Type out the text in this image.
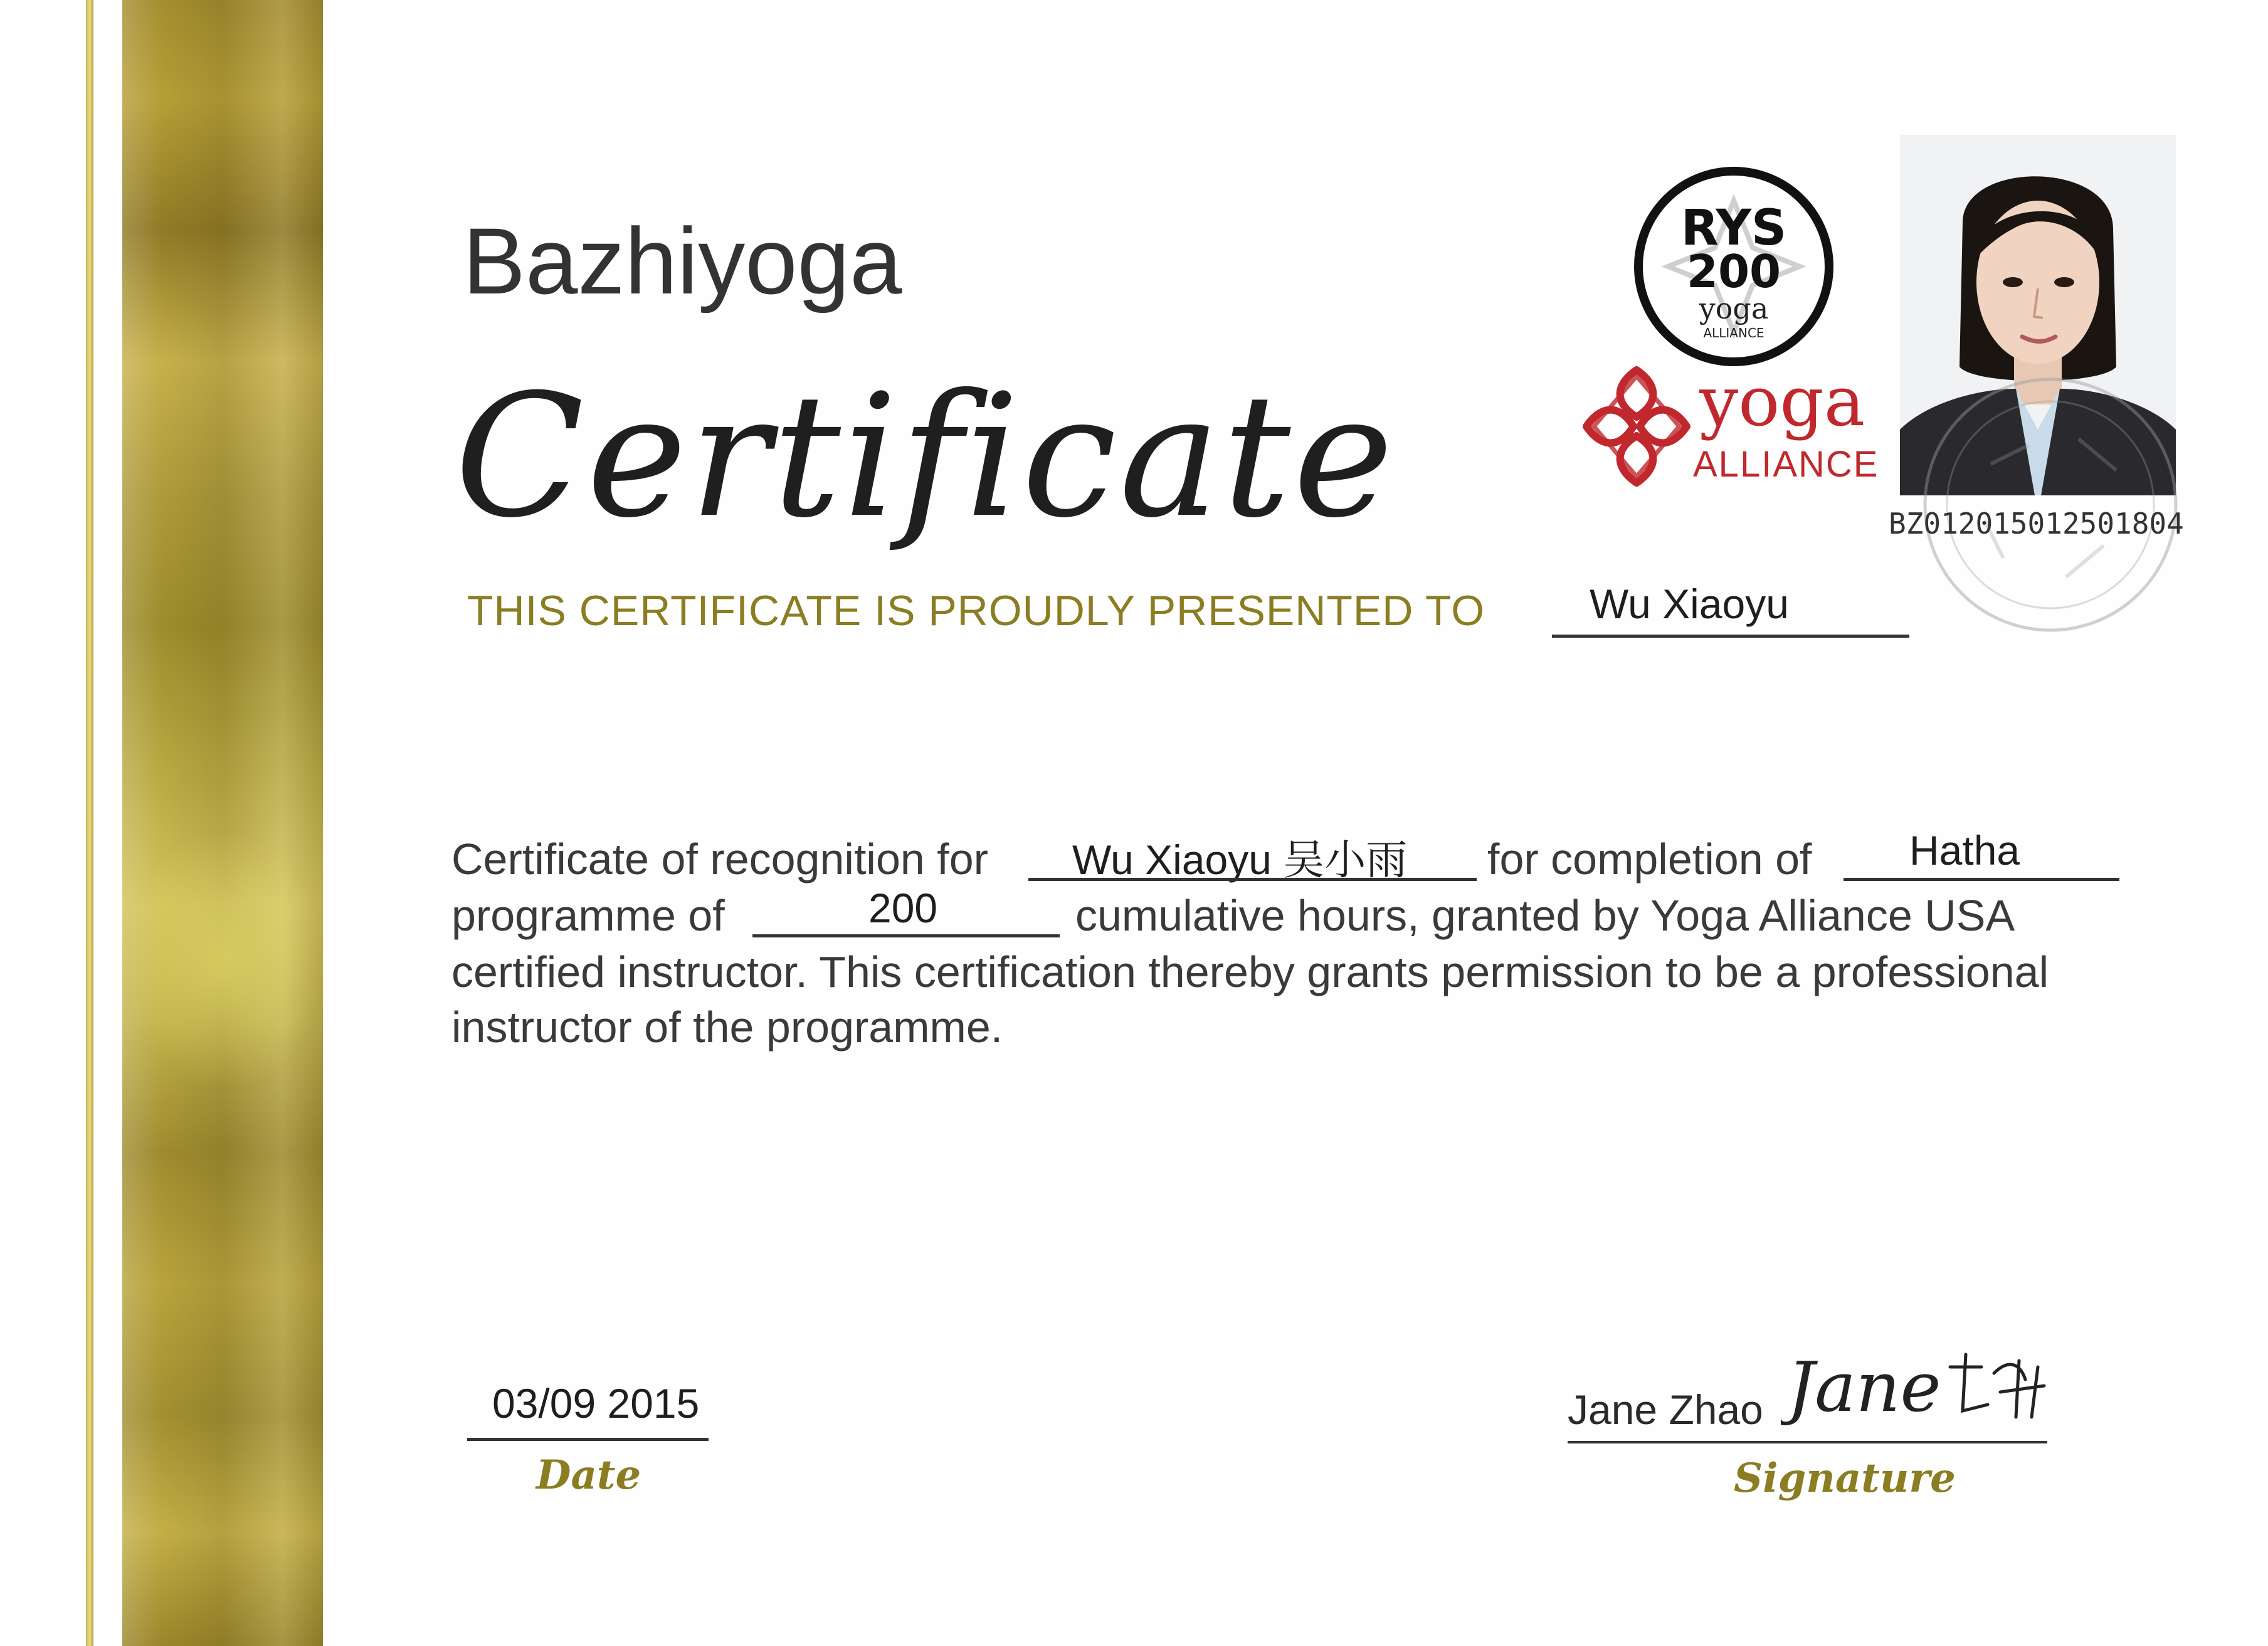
Bazhiyoga
Certificate
THIS CERTIFICATE IS PROUDLY PRESENTED TO	Wu Xiaoyu
Certificate of recognition for Wu Xiaoyu 吴小雨 for completion of Hatha
programme of	200	cumulative hours, granted by Yoga Alliance USA
certified instructor. This certification thereby grants permission to be a professional
instructor of the programme.
03/09 2015
Date
Jane Zhao Jane
Signature
RYS
200
yoga
ALLIANCE
yoga
ALLIANCE
BZ012015012501804
